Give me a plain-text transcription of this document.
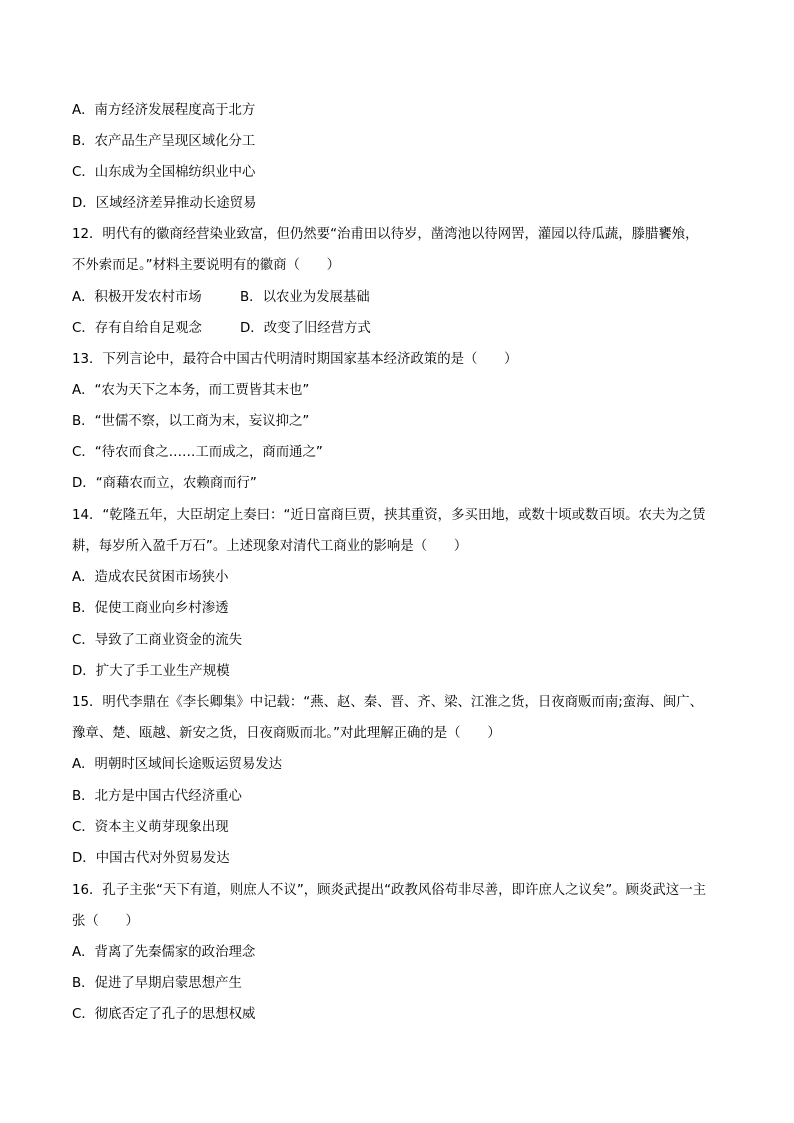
A．南方经济发展程度高于北方
B．农产品生产呈现区域化分工
C．山东成为全国棉纺织业中心
D．区域经济差异推动长途贸易
12．明代有的徽商经营染业致富，但仍然要“治甫田以待岁，凿湾池以待网罟，灌园以待瓜蔬，滕腊饔飧，
不外索而足。”材料主要说明有的徽商（　　）
A．积极开发农村市场	B．以农业为发展基础
C．存有自给自足观念	D．改变了旧经营方式
13．下列言论中，最符合中国古代明清时期国家基本经济政策的是（　　）
A．“农为天下之本务，而工贾皆其末也”
B．“世儒不察，以工商为末，妄议抑之”
C．“待农而食之……工而成之，商而通之”
D．“商藉农而立，农赖商而行”
14．“乾隆五年，大臣胡定上奏曰：“近日富商巨贾，挟其重资，多买田地，或数十顷或数百顷。农夫为之赁
耕，每岁所入盈千万石”。上述现象对清代工商业的影响是（　　）
A．造成农民贫困市场狭小
B．促使工商业向乡村渗透
C．导致了工商业资金的流失
D．扩大了手工业生产规模
15．明代李鼎在《李长卿集》中记载：“燕、赵、秦、晋、齐、梁、江淮之货，日夜商贩而南;蛮海、闽广、
豫章、楚、瓯越、新安之货，日夜商贩而北。”对此理解正确的是（　　）
A．明朝时区域间长途贩运贸易发达
B．北方是中国古代经济重心
C．资本主义萌芽现象出现
D．中国古代对外贸易发达
16．孔子主张“天下有道，则庶人不议”，顾炎武提出“政教风俗苟非尽善，即许庶人之议矣”。顾炎武这一主
张（　　）
A．背离了先秦儒家的政治理念
B．促进了早期启蒙思想产生
C．彻底否定了孔子的思想权威
